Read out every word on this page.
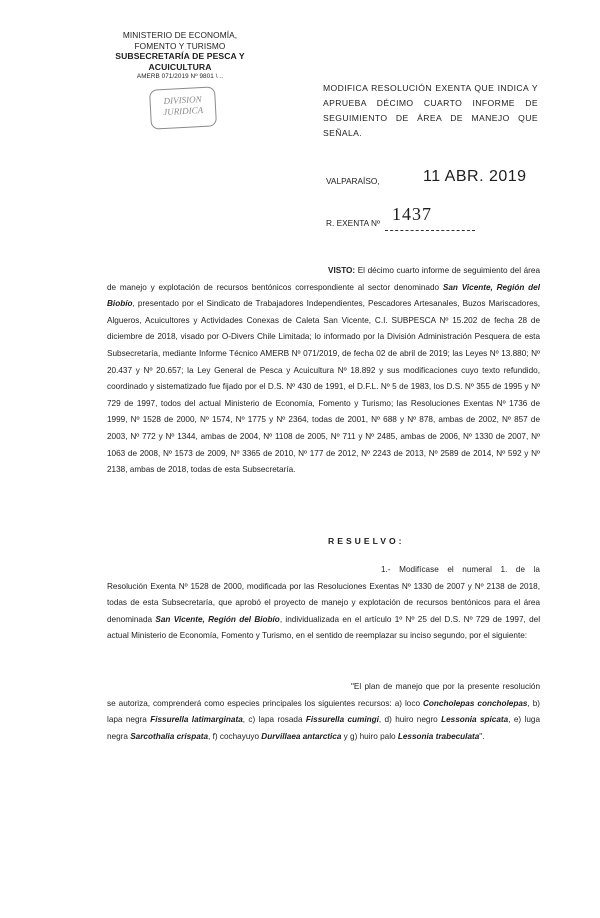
MINISTERIO DE ECONOMÍA,
FOMENTO Y TURISMO
SUBSECRETARÍA DE PESCA Y ACUICULTURA
AMERB 071/2019 Nº 9801 \ ..
DIVISION
JURIDICA
MODIFICA RESOLUCIÓN EXENTA QUE INDICA Y APRUEBA DÉCIMO CUARTO INFORME DE SEGUIMIENTO DE ÁREA DE MANEJO QUE SEÑALA.
VALPARAÍSO,	11 ABR. 2019
R. EXENTA Nº 1437
VISTO: El décimo cuarto informe de seguimiento del área de manejo y explotación de recursos bentónicos correspondiente al sector denominado San Vicente, Región del Biobío, presentado por el Sindicato de Trabajadores Independientes, Pescadores Artesanales, Buzos Mariscadores, Algueros, Acuicultores y Actividades Conexas de Caleta San Vicente, C.I. SUBPESCA Nº 15.202 de fecha 28 de diciembre de 2018, visado por O-Divers Chile Limitada; lo informado por la División Administración Pesquera de esta Subsecretaría, mediante Informe Técnico AMERB Nº 071/2019, de fecha 02 de abril de 2019; las Leyes Nº 13.880; Nº 20.437 y Nº 20.657; la Ley General de Pesca y Acuicultura Nº 18.892 y sus modificaciones cuyo texto refundido, coordinado y sistematizado fue fijado por el D.S. Nº 430 de 1991, el D.F.L. Nº 5 de 1983, los D.S. Nº 355 de 1995 y Nº 729 de 1997, todos del actual Ministerio de Economía, Fomento y Turismo; las Resoluciones Exentas Nº 1736 de 1999, Nº 1528 de 2000, Nº 1574, Nº 1775 y Nº 2364, todas de 2001, Nº 688 y Nº 878, ambas de 2002, Nº 857 de 2003, Nº 772 y Nº 1344, ambas de 2004, Nº 1108 de 2005, Nº 711 y Nº 2485, ambas de 2006, Nº 1330 de 2007, Nº 1063 de 2008, Nº 1573 de 2009, Nº 3365 de 2010, Nº 177 de 2012, Nº 2243 de 2013, Nº 2589 de 2014, Nº 592 y Nº 2138, ambas de 2018, todas de esta Subsecretaría.
RESUELVO:
1.- Modifícase el numeral 1. de la Resolución Exenta Nº 1528 de 2000, modificada por las Resoluciones Exentas Nº 1330 de 2007 y Nº 2138 de 2018, todas de esta Subsecretaría, que aprobó el proyecto de manejo y explotación de recursos bentónicos para el área denominada San Vicente, Región del Biobío, individualizada en el artículo 1º Nº 25 del D.S. Nº 729 de 1997, del actual Ministerio de Economía, Fomento y Turismo, en el sentido de reemplazar su inciso segundo, por el siguiente:
"El plan de manejo que por la presente resolución se autoriza, comprenderá como especies principales los siguientes recursos: a) loco Concholepas concholepas, b) lapa negra Fissurella latimarginata, c) lapa rosada Fissurella cumingi, d) huiro negro Lessonia spicata, e) luga negra Sarcothalia crispata, f) cochayuyo Durvillaea antarctica y g) huiro palo Lessonia trabeculata".
